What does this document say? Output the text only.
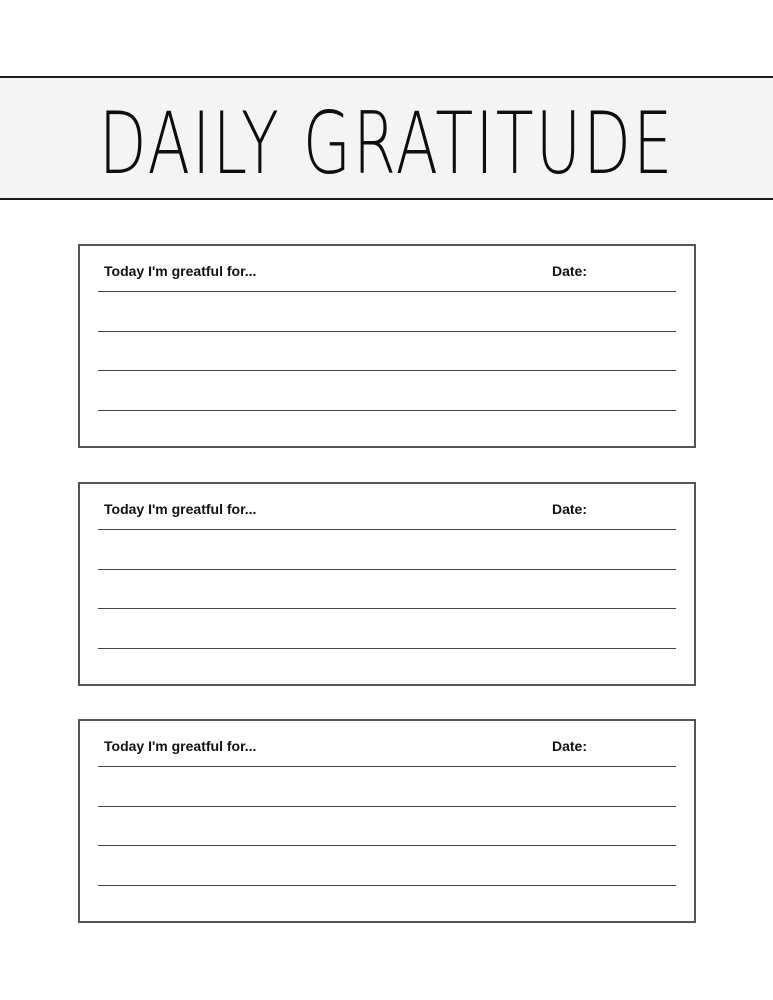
DAILY GRATITUDE
Today I'm greatful for...	Date:
Today I'm greatful for...	Date:
Today I'm greatful for...	Date:
